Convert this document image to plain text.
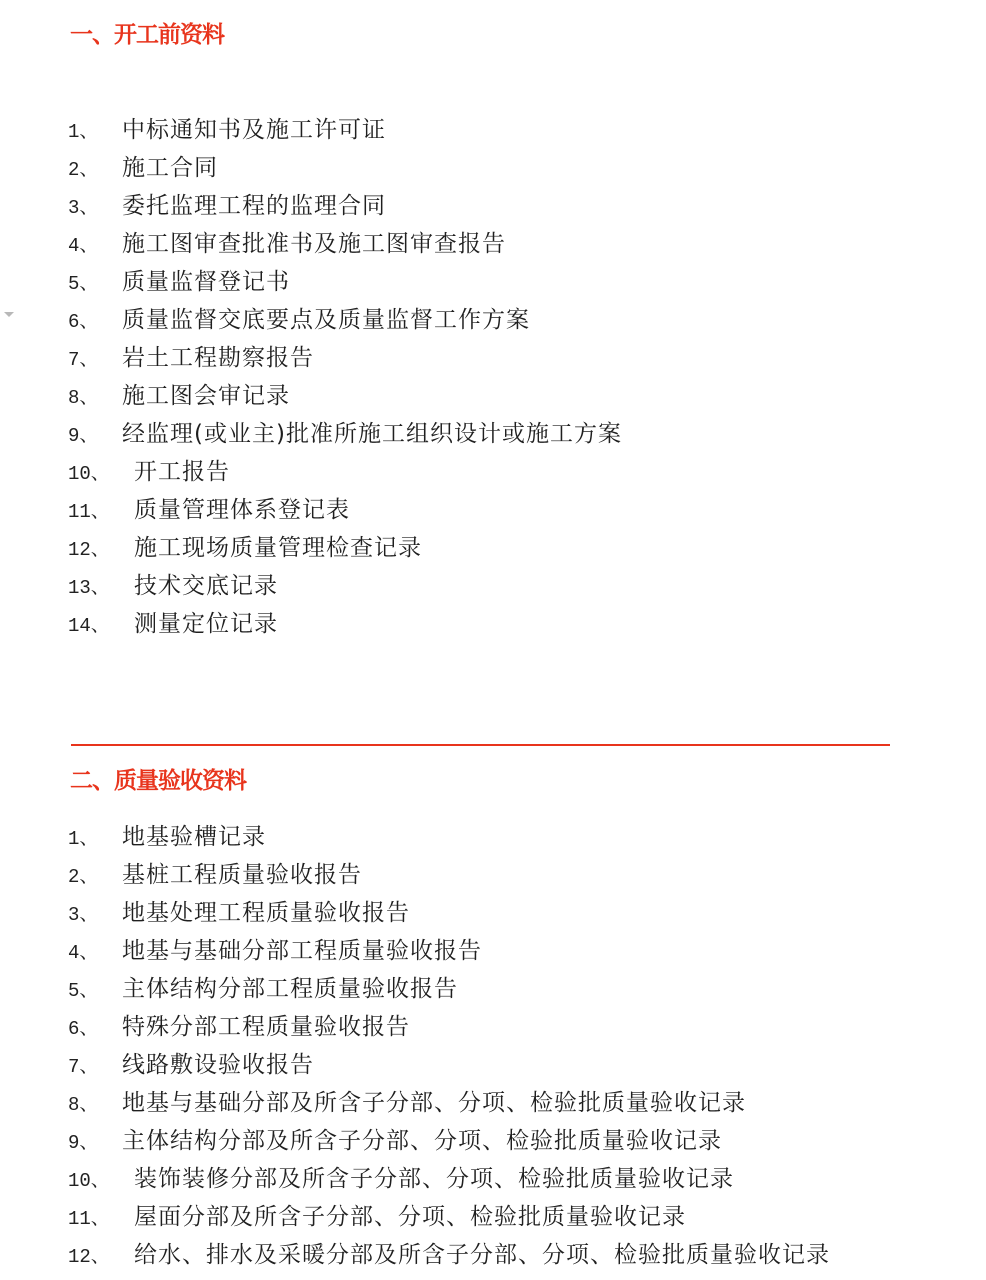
一、开工前资料
1、 中标通知书及施工许可证
2、 施工合同
3、 委托监理工程的监理合同
4、 施工图审查批准书及施工图审查报告
5、 质量监督登记书
6、 质量监督交底要点及质量监督工作方案
7、 岩土工程勘察报告
8、 施工图会审记录
9、 经监理(或业主)批准所施工组织设计或施工方案
10、 开工报告
11、 质量管理体系登记表
12、 施工现场质量管理检查记录
13、 技术交底记录
14、 测量定位记录
二、质量验收资料
1、 地基验槽记录
2、 基桩工程质量验收报告
3、 地基处理工程质量验收报告
4、 地基与基础分部工程质量验收报告
5、 主体结构分部工程质量验收报告
6、 特殊分部工程质量验收报告
7、 线路敷设验收报告
8、 地基与基础分部及所含子分部、分项、检验批质量验收记录
9、 主体结构分部及所含子分部、分项、检验批质量验收记录
10、 装饰装修分部及所含子分部、分项、检验批质量验收记录
11、 屋面分部及所含子分部、分项、检验批质量验收记录
12、 给水、排水及采暖分部及所含子分部、分项、检验批质量验收记录
